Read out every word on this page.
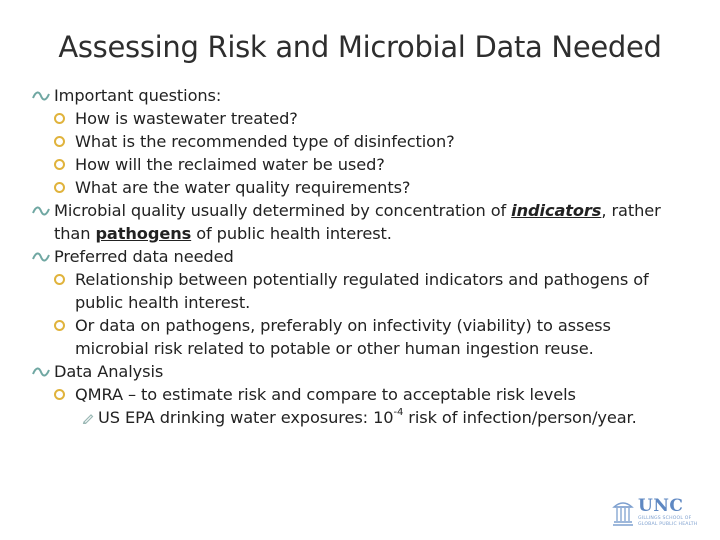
Assessing Risk and Microbial Data Needed
Important questions:
How is wastewater treated?
What is the recommended type of disinfection?
How will the reclaimed water be used?
What are the water quality requirements?
Microbial quality usually determined by concentration of indicators, rather
than pathogens of public health interest.
Preferred data needed
Relationship between potentially regulated indicators and pathogens of
public health interest.
Or data on pathogens, preferably on infectivity (viability) to assess
microbial risk related to potable or other human ingestion reuse.
Data Analysis
QMRA – to estimate risk and compare to acceptable risk levels
US EPA drinking water exposures: $10^{-4}$ risk of infection/person/year.
UNC
GILLINGS SCHOOL OF
GLOBAL PUBLIC HEALTH
